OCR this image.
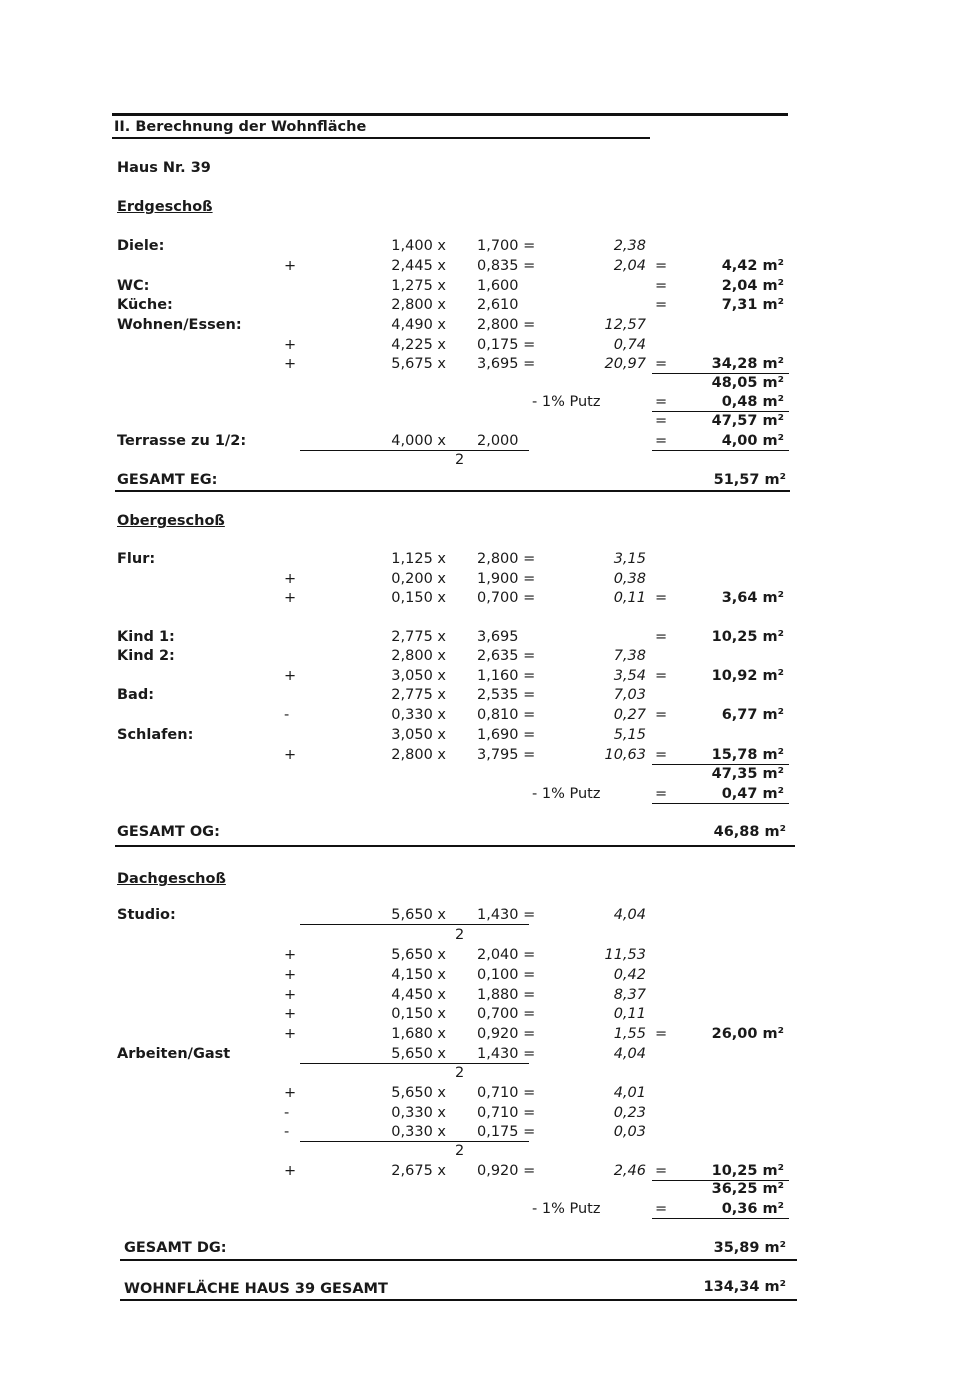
II. Berechnung der Wohnfläche
Haus Nr. 39
Erdgeschoß
Diele:	1,400 x 1,700 =	2,38
+	2,445 x 0,835 =	2,04 =	4,42 m²
WC:	1,275 x 1,600	=	2,04 m²
Küche:	2,800 x 2,610	=	7,31 m²
Wohnen/Essen:	4,490 x 2,800 =	12,57
+	4,225 x 0,175 =	0,74
+	5,675 x 3,695 =	20,97 =	34,28 m²
48,05 m²
- 1% Putz	=	0,48 m²
=	47,57 m²
Terrasse zu 1/2:	4,000 x 2,000	=	4,00 m²
2
GESAMT EG:	51,57 m²
Obergeschoß
Flur:	1,125 x 2,800 =	3,15
+	0,200 x 1,900 =	0,38
+	0,150 x 0,700 =	0,11 =	3,64 m²
Kind 1:	2,775 x 3,695	=	10,25 m²
Kind 2:	2,800 x 2,635 =	7,38
+	3,050 x 1,160 =	3,54 =	10,92 m²
Bad:	2,775 x 2,535 =	7,03
-	0,330 x 0,810 =	0,27 =	6,77 m²
Schlafen:	3,050 x 1,690 =	5,15
+	2,800 x 3,795 =	10,63 =	15,78 m²
47,35 m²
- 1% Putz	=	0,47 m²
GESAMT OG:	46,88 m²
Dachgeschoß
Studio:	5,650 x 1,430 =	4,04
2
+	5,650 x 2,040 =	11,53
+	4,150 x 0,100 =	0,42
+	4,450 x 1,880 =	8,37
+	0,150 x 0,700 =	0,11
+	1,680 x 0,920 =	1,55 =	26,00 m²
Arbeiten/Gast	5,650 x 1,430 =	4,04
2
+	5,650 x 0,710 =	4,01
-	0,330 x 0,710 =	0,23
-	0,330 x 0,175 =	0,03
2
+	2,675 x 0,920 =	2,46 =	10,25 m²
36,25 m²
- 1% Putz	=	0,36 m²
GESAMT DG:	35,89 m²
WOHNFLÄCHE HAUS 39 GESAMT	134,34 m²
